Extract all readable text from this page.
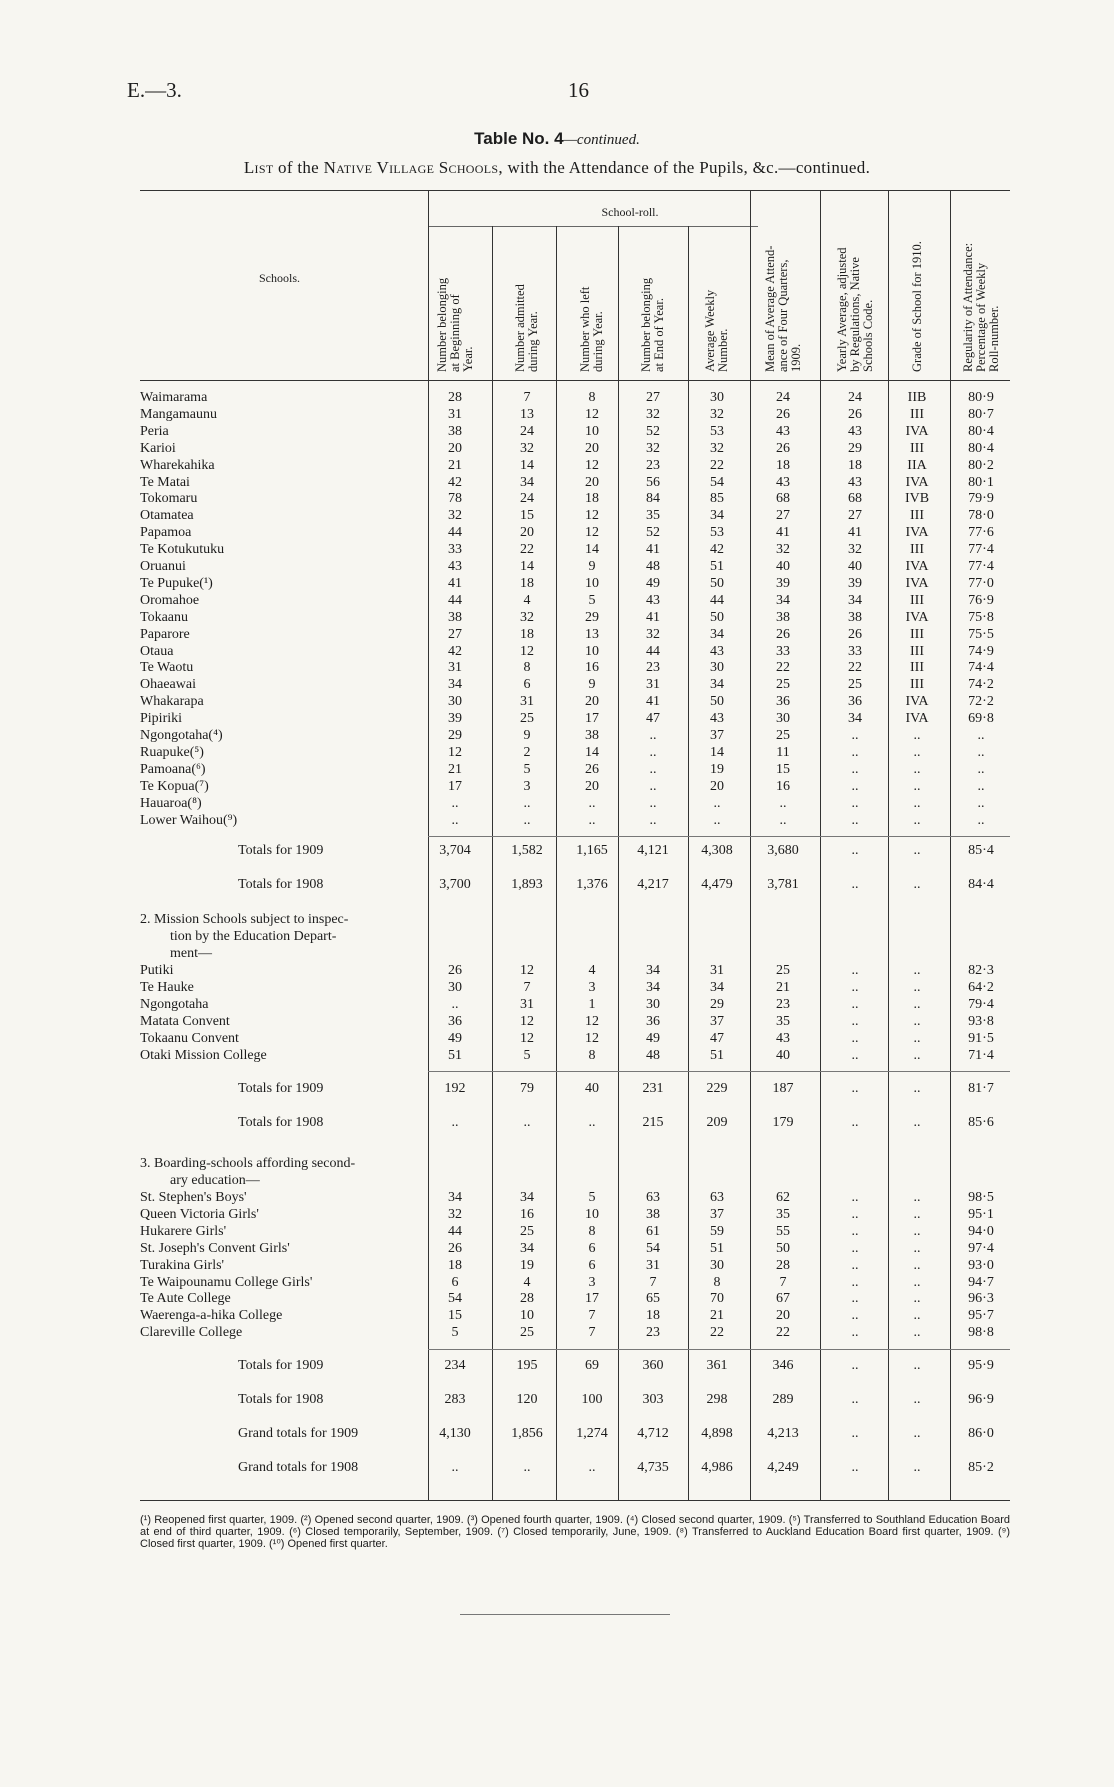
E.—3.	16
Table No. 4—continued.
List of the Native Village Schools, with the Attendance of the Pupils, &c.—continued.
Schools.
School-roll.
Number belonging at Beginning of Year.	Number admitted during Year.	Number who left during Year.	Number belonging at End of Year.	Average Weekly Number.	Mean of Average Attend- ance of Four Quarters, 1909.	Yearly Average, adjusted by Regulations, Native Schools Code.	Grade of School for 1910.	Regularity of Attendance: Percentage of Weekly Roll-number.
Waimarama	28	7	8	27	30	24	24	IIB	80·9
Mangamaunu	31	13	12	32	32	26	26	III	80·7
Peria	38	24	10	52	53	43	43	IVA	80·4
Karioi	20	32	20	32	32	26	29	III	80·4
Wharekahika	21	14	12	23	22	18	18	IIA	80·2
Te Matai	42	34	20	56	54	43	43	IVA	80·1
Tokomaru	78	24	18	84	85	68	68	IVB	79·9
Otamatea	32	15	12	35	34	27	27	III	78·0
Papamoa	44	20	12	52	53	41	41	IVA	77·6
Te Kotukutuku	33	22	14	41	42	32	32	III	77·4
Oruanui	43	14	9	48	51	40	40	IVA	77·4
Te Pupuke(¹)	41	18	10	49	50	39	39	IVA	77·0
Oromahoe	44	4	5	43	44	34	34	III	76·9
Tokaanu	38	32	29	41	50	38	38	IVA	75·8
Paparore	27	18	13	32	34	26	26	III	75·5
Otaua	42	12	10	44	43	33	33	III	74·9
Te Waotu	31	8	16	23	30	22	22	III	74·4
Ohaeawai	34	6	9	31	34	25	25	III	74·2
Whakarapa	30	31	20	41	50	36	36	IVA	72·2
Pipiriki	39	25	17	47	43	30	34	IVA	69·8
Ngongotaha(⁴)	29	9	38	..	37	25	..	..	..
Ruapuke(⁵)	12	2	14	..	14	11	..	..	..
Pamoana(⁶)	21	5	26	..	19	15	..	..	..
Te Kopua(⁷)	17	3	20	..	20	16	..	..	..
Hauaroa(⁸)	..	..	..	..	..	..	..	..	..
Lower Waihou(⁹)	..	..	..	..	..	..	..	..	..
Totals for 1909	3,704	1,582	1,165	4,121	4,308	3,680	..	..	85·4
Totals for 1908	3,700	1,893	1,376	4,217	4,479	3,781	..	..	84·4
2. Mission Schools subject to inspec-
tion by the Education Depart-
ment—
Putiki	26	12	4	34	31	25	..	..	82·3
Te Hauke	30	7	3	34	34	21	..	..	64·2
Ngongotaha	..	31	1	30	29	23	..	..	79·4
Matata Convent	36	12	12	36	37	35	..	..	93·8
Tokaanu Convent	49	12	12	49	47	43	..	..	91·5
Otaki Mission College	51	5	8	48	51	40	..	..	71·4
Totals for 1909	192	79	40	231	229	187	..	..	81·7
Totals for 1908	..	..	..	215	209	179	..	..	85·6
3. Boarding-schools affording second-
ary education—
St. Stephen's Boys'	34	34	5	63	63	62	..	..	98·5
Queen Victoria Girls'	32	16	10	38	37	35	..	..	95·1
Hukarere Girls'	44	25	8	61	59	55	..	..	94·0
St. Joseph's Convent Girls'	26	34	6	54	51	50	..	..	97·4
Turakina Girls'	18	19	6	31	30	28	..	..	93·0
Te Waipounamu College Girls'	6	4	3	7	8	7	..	..	94·7
Te Aute College	54	28	17	65	70	67	..	..	96·3
Waerenga-a-hika College	15	10	7	18	21	20	..	..	95·7
Clareville College	5	25	7	23	22	22	..	..	98·8
Totals for 1909	234	195	69	360	361	346	..	..	95·9
Totals for 1908	283	120	100	303	298	289	..	..	96·9
Grand totals for 1909	4,130	1,856	1,274	4,712	4,898	4,213	..	..	86·0
Grand totals for 1908	..	..	..	4,735	4,986	4,249	..	..	85·2
(¹) Reopened first quarter, 1909. (²) Opened second quarter, 1909. (³) Opened fourth quarter, 1909. (⁴) Closed second quarter, 1909. (⁵) Transferred to Southland Education Board at end of third quarter, 1909. (⁶) Closed temporarily, September, 1909. (⁷) Closed temporarily, June, 1909. (⁸) Transferred to Auckland Education Board first quarter, 1909. (⁹) Closed first quarter, 1909. (¹⁰) Opened first quarter.
